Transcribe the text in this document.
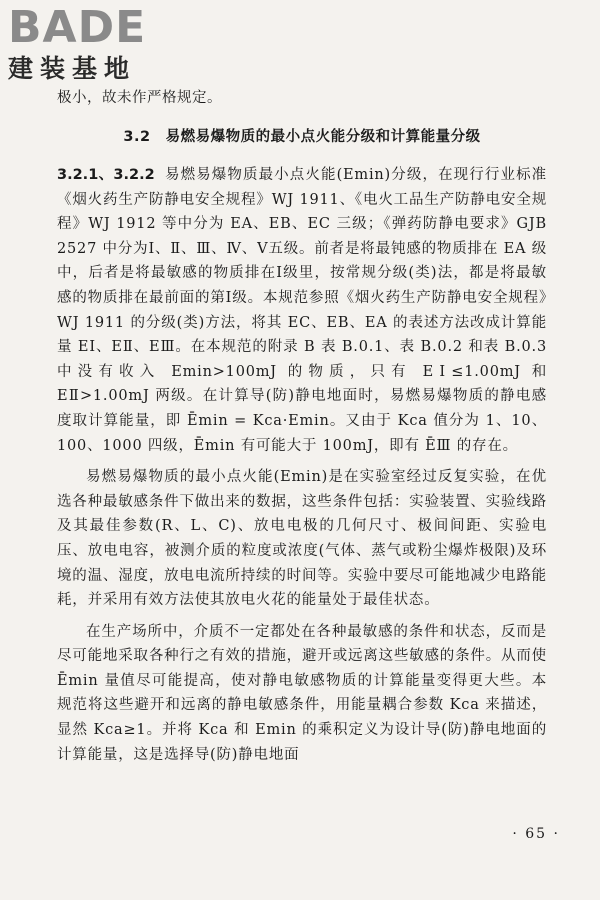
BADE
建装基地

极小，故未作严格规定。

3.2　易燃易爆物质的最小点火能分级和计算能量分级

3.2.1、3.2.2 易燃易爆物质最小点火能(Emin)分级，在现行行业标准《烟火药生产防静电安全规程》WJ 1911、《电火工品生产防静电安全规程》WJ 1912 等中分为 EA、EB、EC 三级；《弹药防静电要求》GJB 2527 中分为Ⅰ、Ⅱ、Ⅲ、Ⅳ、Ⅴ五级。前者是将最钝感的物质排在 EA 级中，后者是将最敏感的物质排在Ⅰ级里，按常规分级(类)法，都是将最敏感的物质排在最前面的第Ⅰ级。本规范参照《烟火药生产防静电安全规程》WJ 1911 的分级(类)方法，将其 EC、EB、EA 的表述方法改成计算能量 EⅠ、EⅡ、EⅢ。在本规范的附录 B 表 B.0.1、表 B.0.2 和表 B.0.3 中没有收入 Emin>100mJ 的物质，只有 EⅠ≤1.00mJ 和 EⅡ>1.00mJ 两级。在计算导(防)静电地面时，易燃易爆物质的静电感度取计算能量，即 Ēmin = Kca·Emin。又由于 Kca 值分为 1、10、100、1000 四级，Ēmin 有可能大于 100mJ，即有 ĒⅢ 的存在。

易燃易爆物质的最小点火能(Emin)是在实验室经过反复实验，在优选各种最敏感条件下做出来的数据，这些条件包括：实验装置、实验线路及其最佳参数(R、L、C)、放电电极的几何尺寸、极间间距、实验电压、放电电容，被测介质的粒度或浓度(气体、蒸气或粉尘爆炸极限)及环境的温、湿度，放电电流所持续的时间等。实验中要尽可能地减少电路能耗，并采用有效方法使其放电火花的能量处于最佳状态。

在生产场所中，介质不一定都处在各种最敏感的条件和状态，反而是尽可能地采取各种行之有效的措施，避开或远离这些敏感的条件。从而使 Ēmin 量值尽可能提高，使对静电敏感物质的计算能量变得更大些。本规范将这些避开和远离的静电敏感条件，用能量耦合参数 Kca 来描述，显然 Kca≥1。并将 Kca 和 Emin 的乘积定义为设计导(防)静电地面的计算能量，这是选择导(防)静电地面

· 65 ·
